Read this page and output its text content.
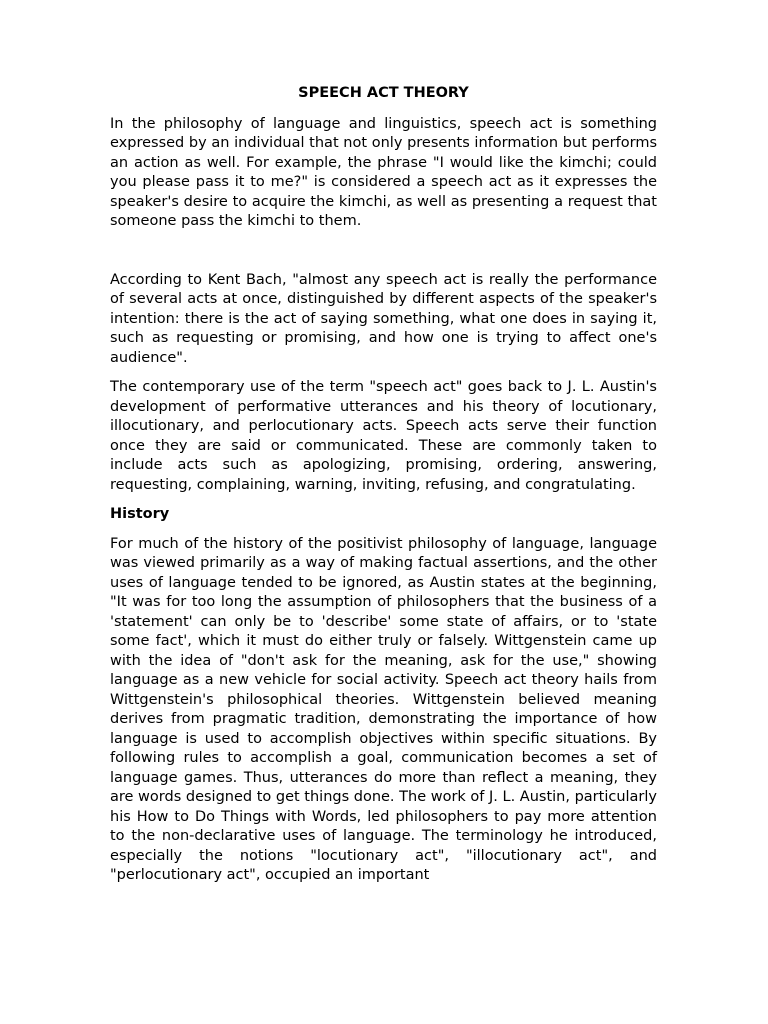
SPEECH ACT THEORY

In the philosophy of language and linguistics, speech act is something expressed by an individual that not only presents information but performs an action as well. For example, the phrase "I would like the kimchi; could you please pass it to me?" is considered a speech act as it expresses the speaker's desire to acquire the kimchi, as well as presenting a request that someone pass the kimchi to them.

According to Kent Bach, "almost any speech act is really the performance of several acts at once, distinguished by different aspects of the speaker's intention: there is the act of saying something, what one does in saying it, such as requesting or promising, and how one is trying to affect one's audience".

The contemporary use of the term "speech act" goes back to J. L. Austin's development of performative utterances and his theory of locutionary, illocutionary, and perlocutionary acts. Speech acts serve their function once they are said or communicated. These are commonly taken to include acts such as apologizing, promising, ordering, answering, requesting, complaining, warning, inviting, refusing, and congratulating.

History

For much of the history of the positivist philosophy of language, language was viewed primarily as a way of making factual assertions, and the other uses of language tended to be ignored, as Austin states at the beginning, "It was for too long the assumption of philosophers that the business of a 'statement' can only be to 'describe' some state of affairs, or to 'state some fact', which it must do either truly or falsely. Wittgenstein came up with the idea of "don't ask for the meaning, ask for the use," showing language as a new vehicle for social activity. Speech act theory hails from Wittgenstein's philosophical theories. Wittgenstein believed meaning derives from pragmatic tradition, demonstrating the importance of how language is used to accomplish objectives within specific situations. By following rules to accomplish a goal, communication becomes a set of language games. Thus, utterances do more than reflect a meaning, they are words designed to get things done. The work of J. L. Austin, particularly his How to Do Things with Words, led philosophers to pay more attention to the non-declarative uses of language. The terminology he introduced, especially the notions "locutionary act", "illocutionary act", and "perlocutionary act", occupied an important
